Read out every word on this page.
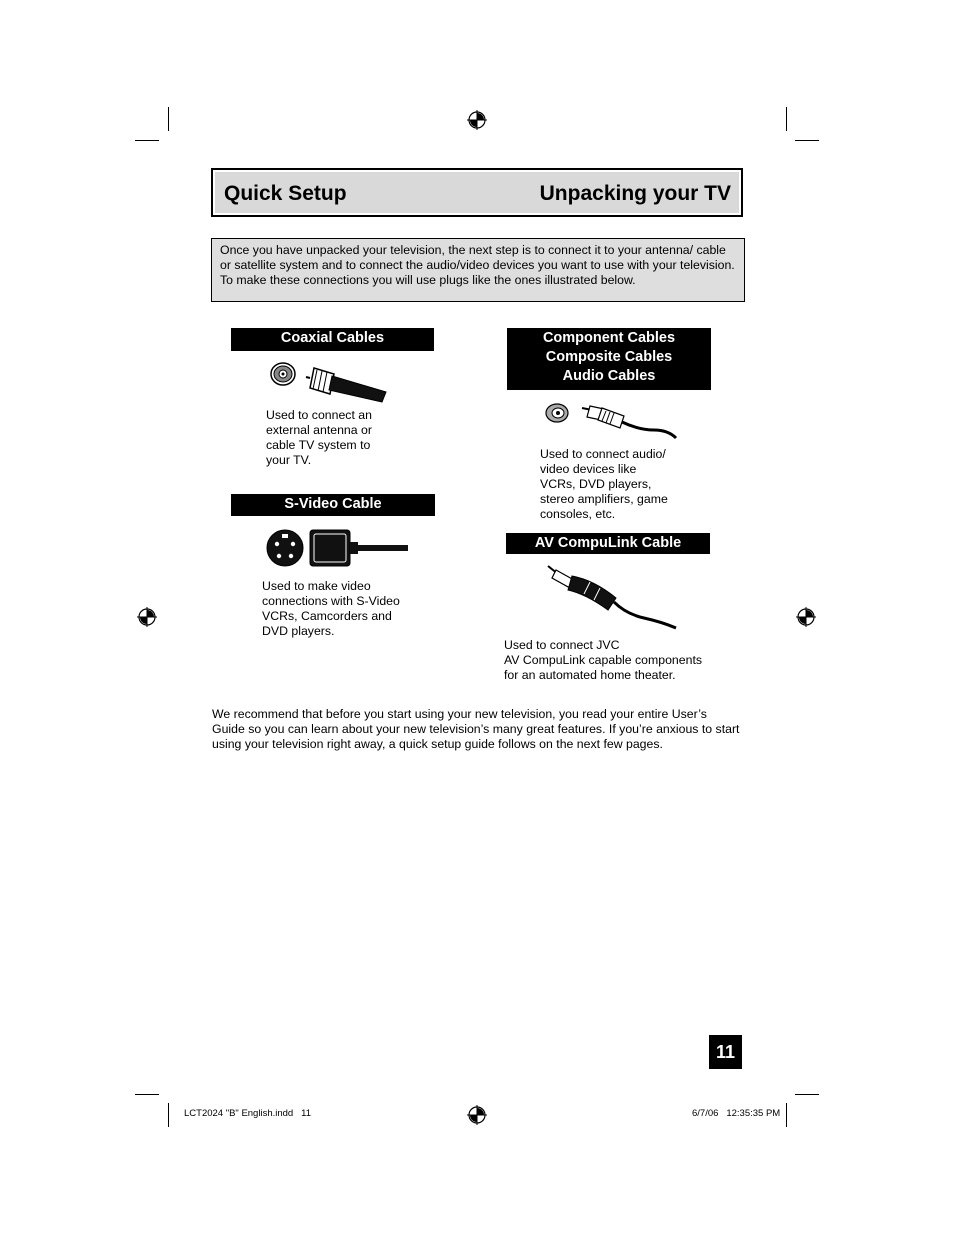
Quick Setup	Unpacking your TV
Once you have unpacked your television, the next step is to connect it to your antenna/ cable or satellite system and to connect the audio/video devices you want to use with your television. To make these connections you will use plugs like the ones illustrated below.
Coaxial Cables
Used to connect an
external antenna or
cable TV system to
your TV.
S-Video Cable
Used to make video
connections with S-Video
VCRs, Camcorders and
DVD players.
Component Cables
Composite Cables
Audio Cables
Used to connect audio/
video devices like
VCRs, DVD players,
stereo amplifiers, game
consoles, etc.
AV CompuLink Cable
Used to connect JVC
AV CompuLink capable components
for an automated home theater.
We recommend that before you start using your new television, you read your entire User’s Guide so you can learn about your new television’s many great features. If you’re anxious to start using your television right away, a quick setup guide follows on the next few pages.
11
LCT2024 "B" English.indd   11	6/7/06   12:35:35 PM
